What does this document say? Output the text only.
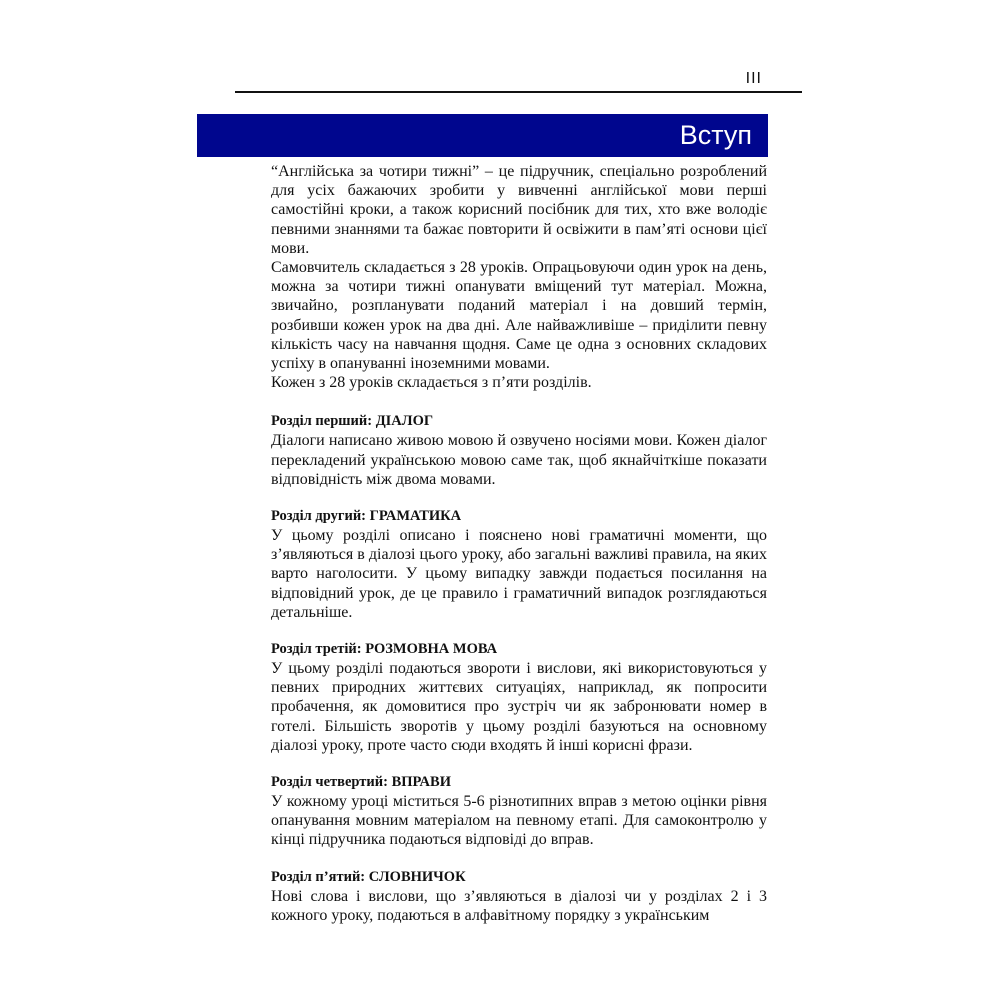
III
Вступ

“Англійська за чотири тижні” – це підручник, спеціально розроблений для усіх бажаючих зробити у вивченні англійської мови перші самостійні кроки, а також корисний посібник для тих, хто вже володіє певними знаннями та бажає повторити й освіжити в пам’яті основи цієї мови.

Самовчитель складається з 28 уроків. Опрацьовуючи один урок на день, можна за чотири тижні опанувати вміщений тут матеріал. Можна, звичайно, розпланувати поданий матеріал і на довший термін, розбивши кожен урок на два дні. Але найважливіше – приділити певну кількість часу на навчання щодня. Саме це одна з основних складових успіху в опануванні іноземними мовами.

Кожен з 28 уроків складається з п’яти розділів.

Розділ перший: ДІАЛОГ

Діалоги написано живою мовою й озвучено носіями мови. Кожен діалог перекладений українською мовою саме так, щоб якнайчіткіше показати відповідність між двома мовами.

Розділ другий: ГРАМАТИКА

У цьому розділі описано і пояснено нові граматичні моменти, що з’являються в діалозі цього уроку, або загальні важливі правила, на яких варто наголосити. У цьому випадку завжди подається посилання на відповідний урок, де це правило і граматичний випадок розглядаються детальніше.

Розділ третій: РОЗМОВНА МОВА

У цьому розділі подаються звороти і вислови, які використовуються у певних природних життєвих ситуаціях, наприклад, як попросити пробачення, як домовитися про зустріч чи як забронювати номер в готелі. Більшість зворотів у цьому розділі базуються на основному діалозі уроку, проте часто сюди входять й інші корисні фрази.

Розділ четвертий: ВПРАВИ

У кожному уроці міститься 5-6 різнотипних вправ з метою оцінки рівня опанування мовним матеріалом на певному етапі. Для самоконтролю у кінці підручника подаються відповіді до вправ.

Розділ п’ятий: СЛОВНИЧОК

Нові слова і вислови, що з’являються в діалозі чи у розділах 2 і 3 кожного уроку, подаються в алфавітному порядку з українським
